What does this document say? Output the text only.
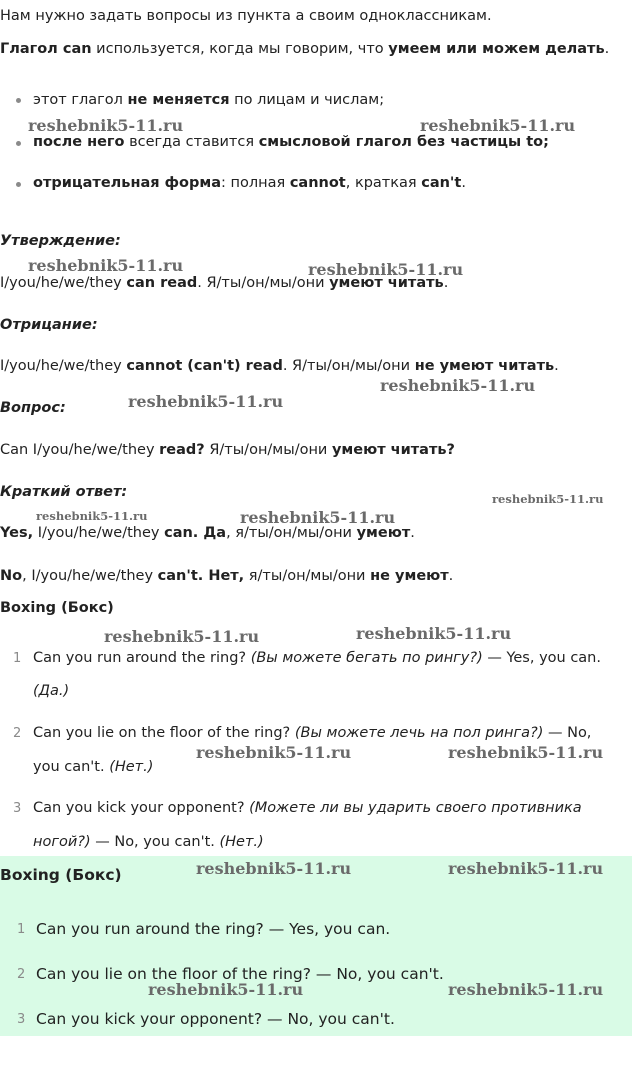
Нам нужно задать вопросы из пункта а своим одноклассникам.
Глагол can используется, когда мы говорим, что умеем или можем делать.
этот глагол не меняется по лицам и числам;
после него всегда ставится смысловой глагол без частицы to;
отрицательная форма: полная cannot, краткая can't.
Утверждение:
I/you/he/we/they can read. Я/ты/он/мы/они умеют читать.
Отрицание:
I/you/he/we/they cannot (can't) read. Я/ты/он/мы/они не умеют читать.
Вопрос:
Can I/you/he/we/they read? Я/ты/он/мы/они умеют читать?
Краткий ответ:
Yes, I/you/he/we/they can. Да, я/ты/он/мы/они умеют.
No, I/you/he/we/they can't. Нет, я/ты/он/мы/они не умеют.
Boxing (Бокс)
1 Can you run around the ring? (Вы можете бегать по рингу?) — Yes, you can.
(Да.)
2 Can you lie on the floor of the ring? (Вы можете лечь на пол ринга?) — No,
you can't. (Нет.)
3 Can you kick your opponent? (Можете ли вы ударить своего противника
ногой?) — No, you can't. (Нет.)
Boxing (Бокс)
1 Can you run around the ring? — Yes, you can.
2 Can you lie on the floor of the ring? — No, you can't.
3 Can you kick your opponent? — No, you can't.
reshebnik5-11.ru	reshebnik5-11.ru
reshebnik5-11.ru	reshebnik5-11.ru
reshebnik5-11.ru
reshebnik5-11.ru
reshebnik5-11.ru
reshebnik5-11.ru	reshebnik5-11.ru
reshebnik5-11.ru	reshebnik5-11.ru
reshebnik5-11.ru	reshebnik5-11.ru
reshebnik5-11.ru	reshebnik5-11.ru
reshebnik5-11.ru	reshebnik5-11.ru
